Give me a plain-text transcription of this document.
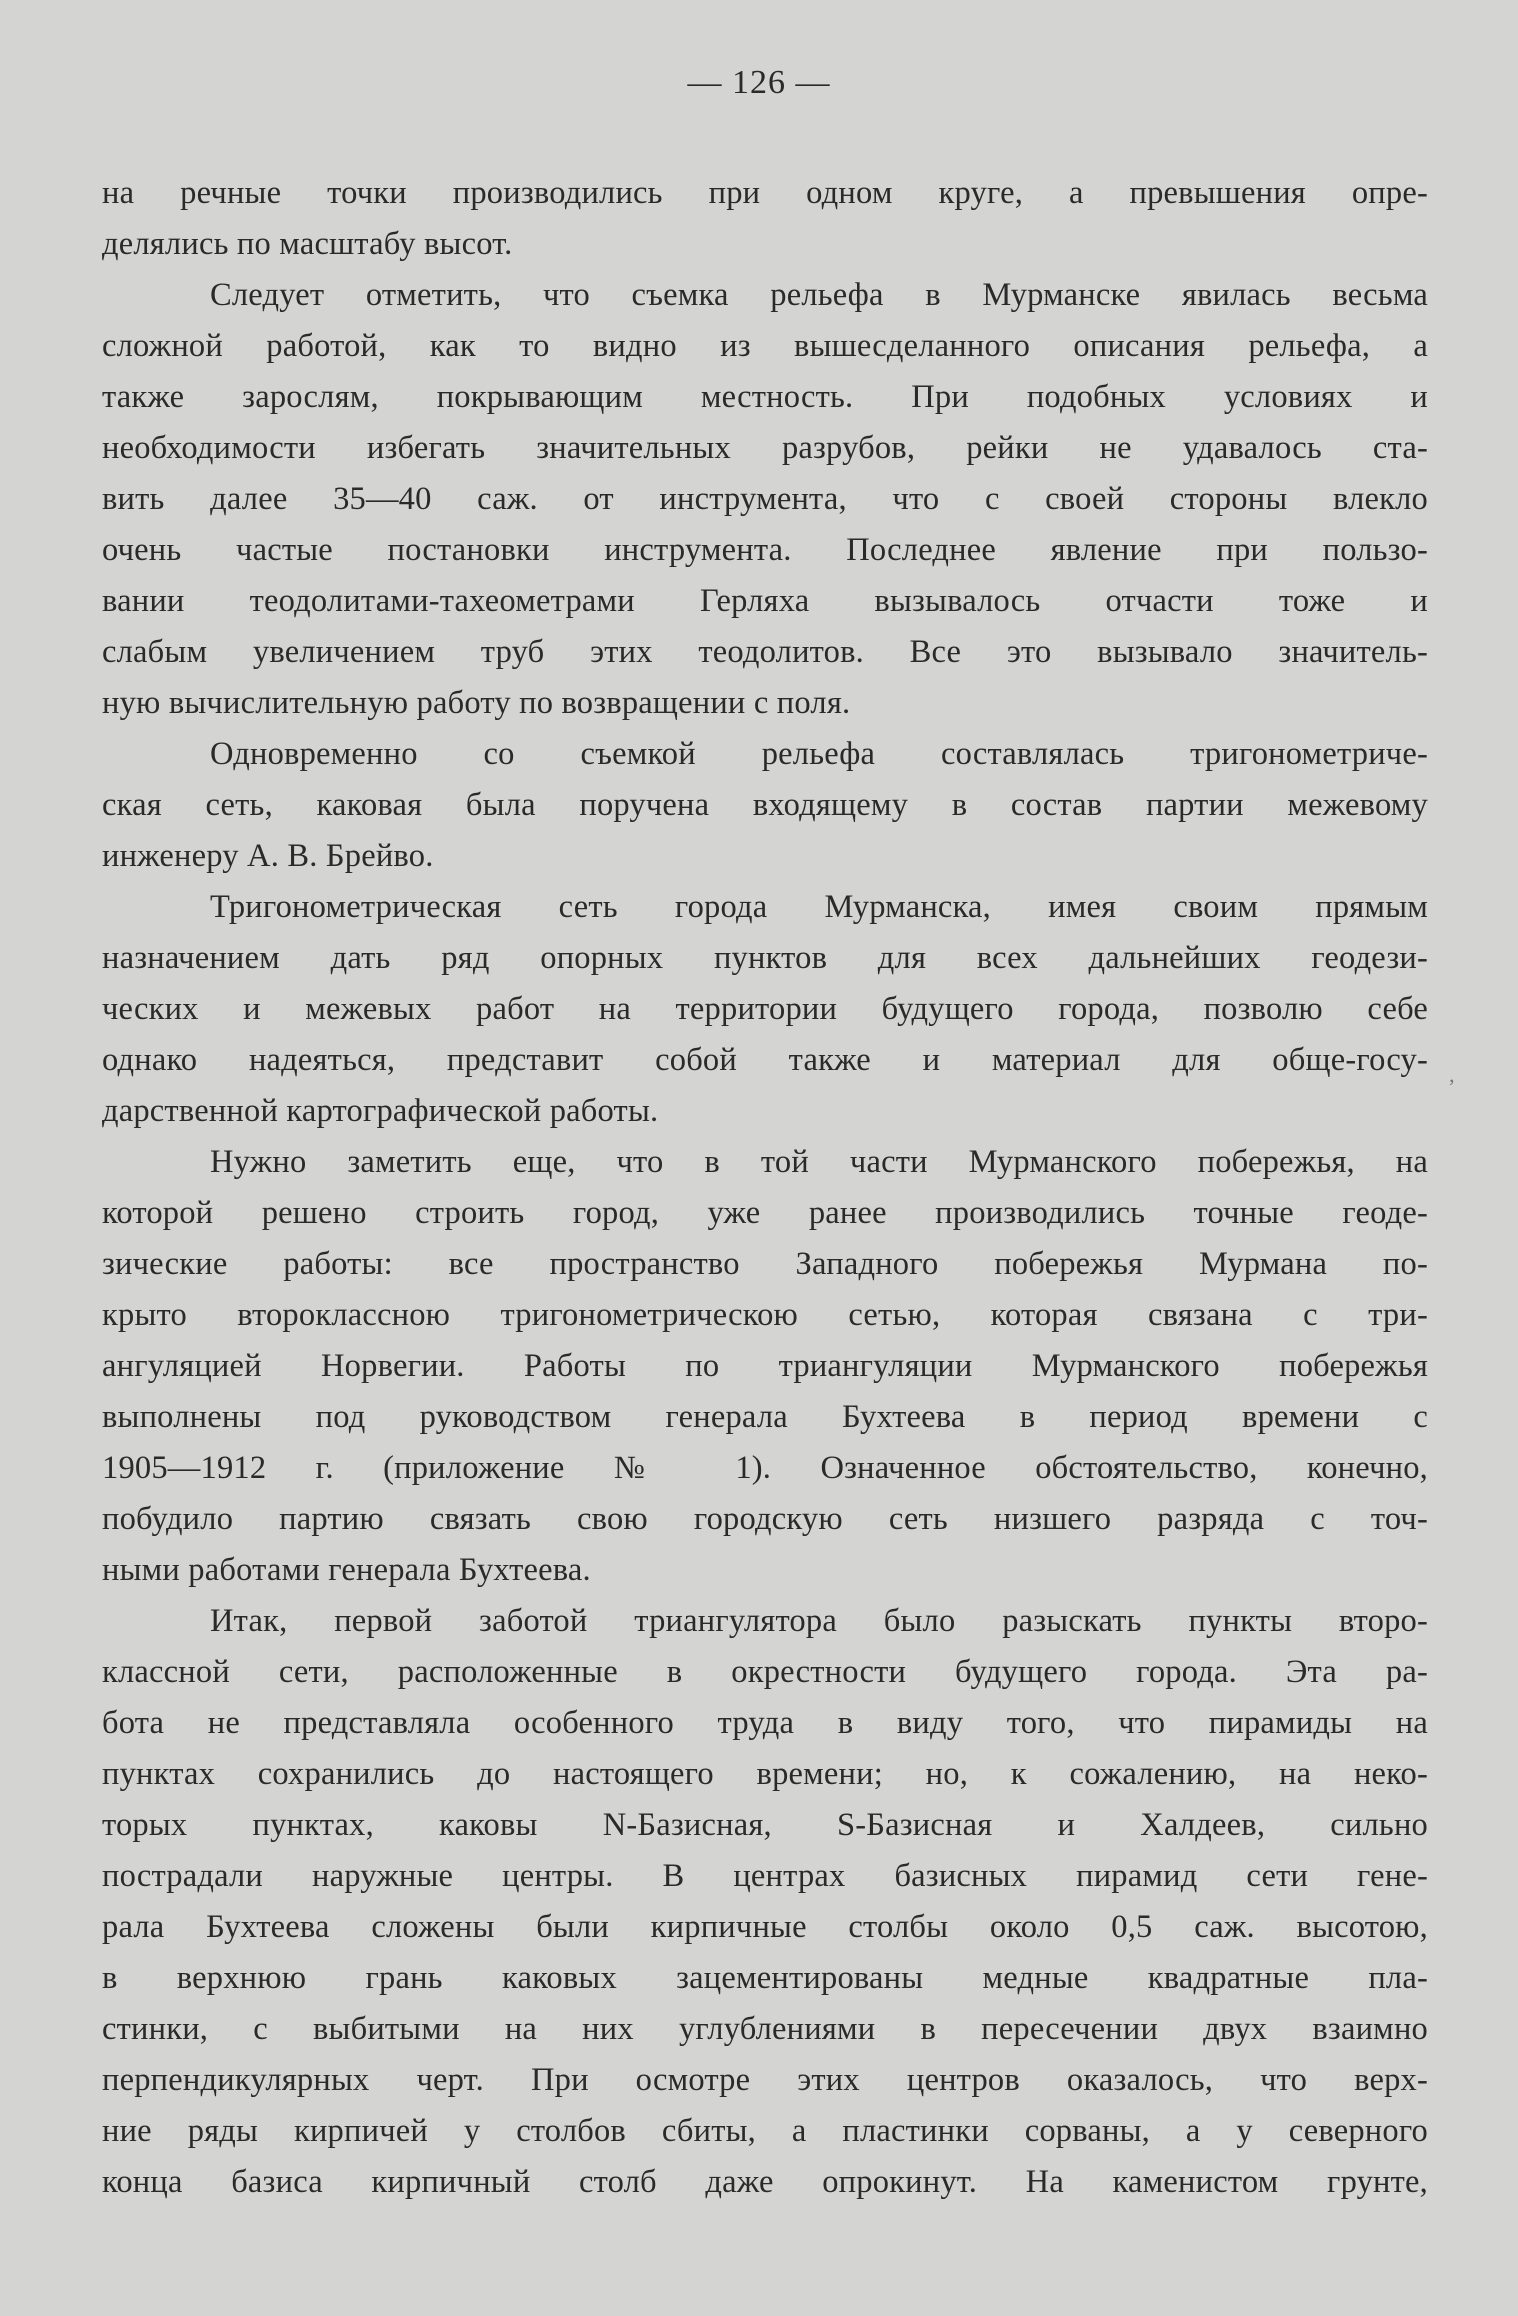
— 126 —
на речные точки производились при одном круге, а превышения опре-
делялись по масштабу высот.
Следует отметить, что съемка рельефа в Мурманске явилась весьма
сложной работой, как то видно из вышесделанного описания рельефа, а
также зарослям, покрывающим местность. При подобных условиях и
необходимости избегать значительных разрубов, рейки не удавалось ста-
вить далее 35—40 саж. от инструмента, что с своей стороны влекло
очень частые постановки инструмента. Последнее явление при пользо-
вании теодолитами-тахеометрами Герляха вызывалось отчасти тоже и
слабым увеличением труб этих теодолитов. Все это вызывало значитель-
ную вычислительную работу по возвращении с поля.
Одновременно со съемкой рельефа составлялась тригонометриче-
ская сеть, каковая была поручена входящему в состав партии межевому
инженеру А. В. Брейво.
Тригонометрическая сеть города Мурманска, имея своим прямым
назначением дать ряд опорных пунктов для всех дальнейших геодези-
ческих и межевых работ на территории будущего города, позволю себе
однако надеяться, представит собой также и материал для обще-госу-
дарственной картографической работы.
Нужно заметить еще, что в той части Мурманского побережья, на
которой решено строить город, уже ранее производились точные геоде-
зические работы: все пространство Западного побережья Мурмана по-
крыто второклассною тригонометрическою сетью, которая связана с три-
ангуляцией Норвегии. Работы по триангуляции Мурманского побережья
выполнены под руководством генерала Бухтеева в период времени с
1905—1912 г. (приложение № 1). Означенное обстоятельство, конечно,
побудило партию связать свою городскую сеть низшего разряда с точ-
ными работами генерала Бухтеева.
Итак, первой заботой триангулятора было разыскать пункты второ-
классной сети, расположенные в окрестности будущего города. Эта ра-
бота не представляла особенного труда в виду того, что пирамиды на
пунктах сохранились до настоящего времени; но, к сожалению, на неко-
торых пунктах, каковы N-Базисная, S-Базисная и Халдеев, сильно
пострадали наружные центры. В центрах базисных пирамид сети гене-
рала Бухтеева сложены были кирпичные столбы около 0,5 саж. высотою,
в верхнюю грань каковых зацементированы медные квадратные пла-
стинки, с выбитыми на них углублениями в пересечении двух взаимно
перпендикулярных черт. При осмотре этих центров оказалось, что верх-
ние ряды кирпичей у столбов сбиты, а пластинки сорваны, а у северного
конца базиса кирпичный столб даже опрокинут. На каменистом грунте,
‚
